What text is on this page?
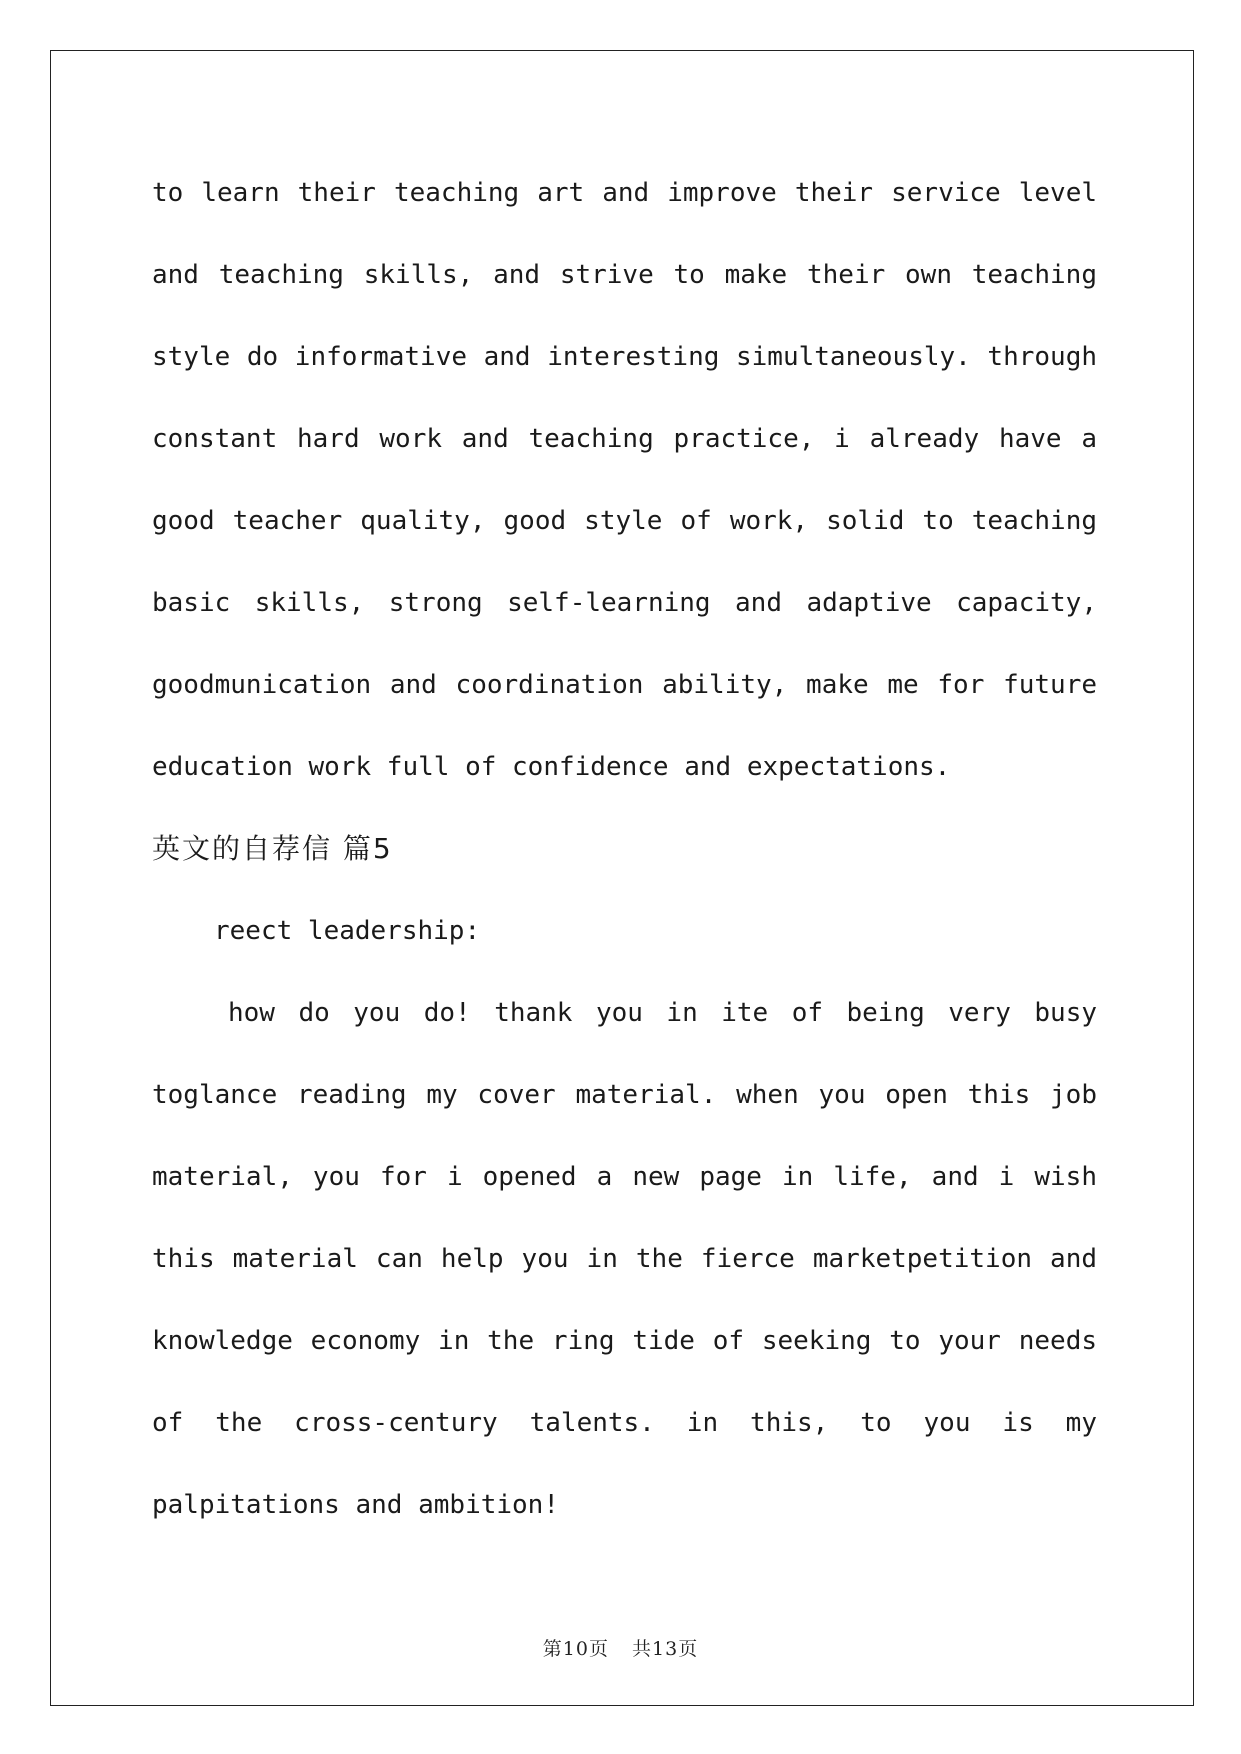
to learn their teaching art and improve their service level and teaching skills, and strive to make their own teaching style do informative and interesting simultaneously. through constant hard work and teaching practice, i already have a good teacher quality, good style of work, solid to teaching basic skills, strong self-learning and adaptive capacity, goodmunication and coordination ability, make me for future education work full of confidence and expectations.

英文的自荐信 篇5

reect leadership:

how do you do! thank you in ite of being very busy toglance reading my cover material. when you open this job material, you for i opened a new page in life, and i wish this material can help you in the fierce marketpetition and knowledge economy in the ring tide of seeking to your needs of the cross-century talents. in this, to you is my palpitations and ambition!

第10页 共13页
